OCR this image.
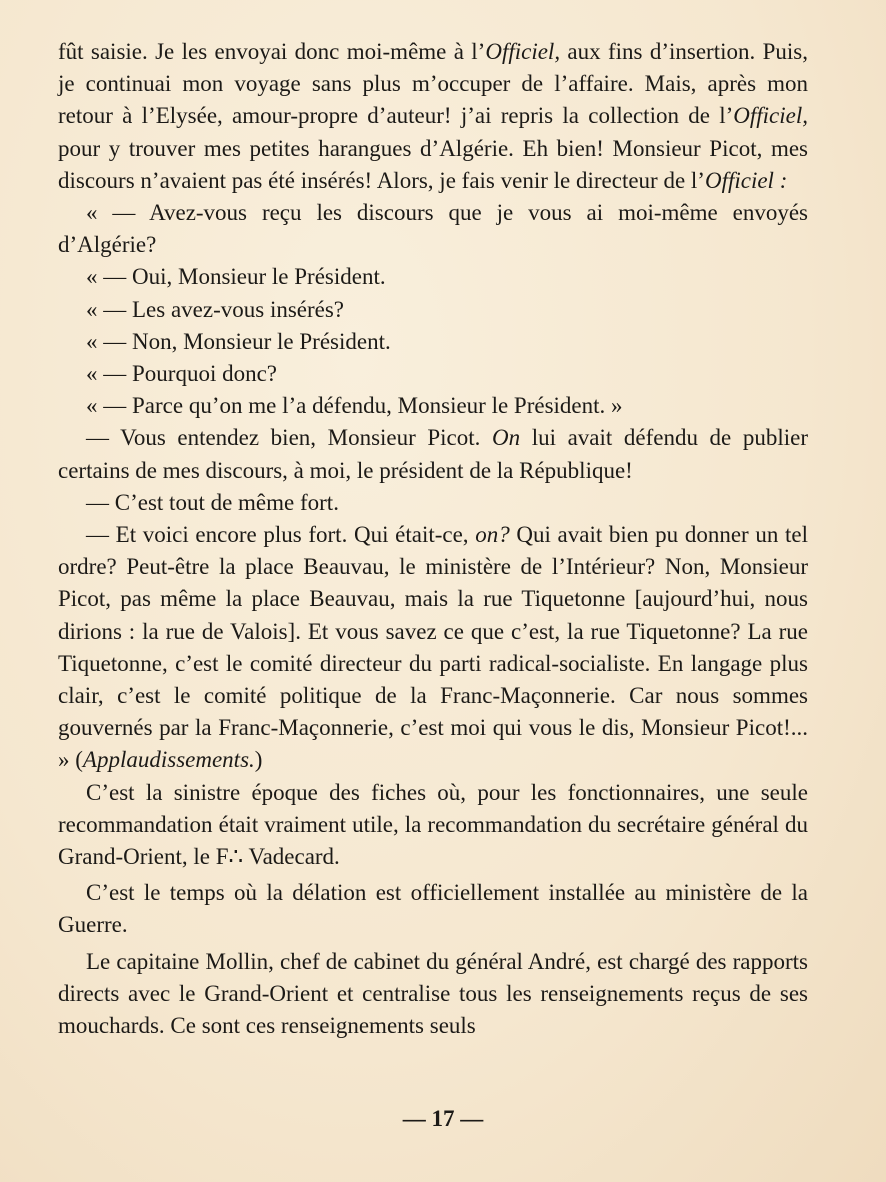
fût saisie. Je les envoyai donc moi-même à l’Officiel, aux fins d’insertion. Puis, je continuai mon voyage sans plus m’occuper de l’affaire. Mais, après mon retour à l’Elysée, amour-propre d’auteur! j’ai repris la collection de l’Officiel, pour y trouver mes petites harangues d’Algérie. Eh bien! Monsieur Picot, mes discours n’avaient pas été insérés! Alors, je fais venir le directeur de l’Officiel :

« — Avez-vous reçu les discours que je vous ai moi-même envoyés d’Algérie?

« — Oui, Monsieur le Président.

« — Les avez-vous insérés?

« — Non, Monsieur le Président.

« — Pourquoi donc?

« — Parce qu’on me l’a défendu, Monsieur le Président. »

— Vous entendez bien, Monsieur Picot. On lui avait défendu de publier certains de mes discours, à moi, le président de la République!

— C’est tout de même fort.

— Et voici encore plus fort. Qui était-ce, on? Qui avait bien pu donner un tel ordre? Peut-être la place Beauvau, le ministère de l’Intérieur? Non, Monsieur Picot, pas même la place Beauvau, mais la rue Tiquetonne [aujourd’hui, nous dirions : la rue de Valois]. Et vous savez ce que c’est, la rue Tiquetonne? La rue Tiquetonne, c’est le comité directeur du parti radical-socialiste. En langage plus clair, c’est le comité politique de la Franc-Maçonnerie. Car nous sommes gouvernés par la Franc-Maçonnerie, c’est moi qui vous le dis, Monsieur Picot!... » (Applaudissements.)

C’est la sinistre époque des fiches où, pour les fonctionnaires, une seule recommandation était vraiment utile, la recommandation du secrétaire général du Grand-Orient, le F∴ Vadecard.

C’est le temps où la délation est officiellement installée au ministère de la Guerre.

Le capitaine Mollin, chef de cabinet du général André, est chargé des rapports directs avec le Grand-Orient et centralise tous les renseignements reçus de ses mouchards. Ce sont ces renseignements seuls

— 17 —
